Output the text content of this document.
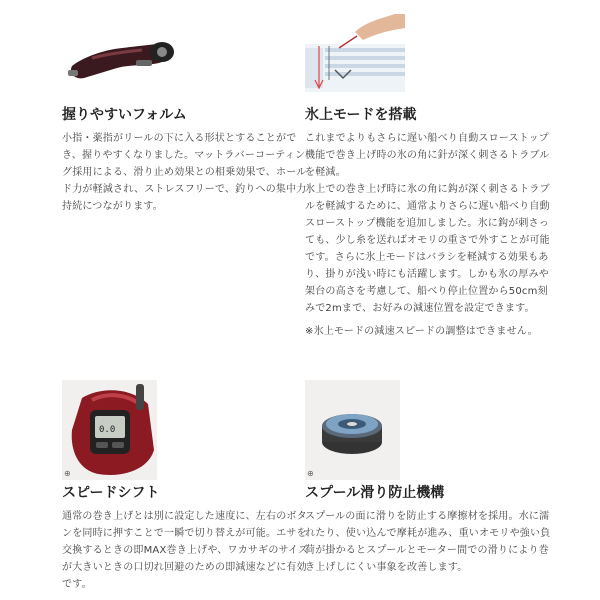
握りやすいフォルム

小指・薬指がリールの下に入る形状とすることができ、握りやすくなりました。マットラバーコーティング採用による、滑り止め効果との相乗効果で、ホールド力が軽減され、ストレスフリーで、釣りへの集中力持続につながります。

氷上モードを搭載

これまでよりもさらに遅い船べり自動スローストップ機能で巻き上げ時の氷の角に針が深く刺さるトラブルを軽減。

氷上での巻き上げ時に氷の角に鈎が深く刺さるトラブルを軽減するために、通常よりさらに遅い船べり自動スローストップ機能を追加しました。氷に鈎が刺さっても、少し糸を送ればオモリの重さで外すことが可能です。さらに氷上モードはバラシを軽減する効果もあり、掛りが浅い時にも活躍します。しかも氷の厚みや架台の高さを考慮して、船べり停止位置から50cm刻みで2mまで、お好みの減速位置を設定できます。

※氷上モードの減速スピードの調整はできません。

0.0
⊕
スピードシフト

通常の巻き上げとは別に設定した速度に、左右のボタンを同時に押すことで一瞬で切り替えが可能。エサを交換するときの即MAX巻き上げや、ワカサギのサイズが大きいときの口切れ回避のための即減速などに有効です。

⊕
スプール滑り防止機構

スプールの面に滑りを防止する摩擦材を採用。水に濡れたり、使い込んで摩耗が進み、重いオモリや強い負荷が掛かるとスプールとモーター間での滑りにより巻き上げしにくい事象を改善します。
